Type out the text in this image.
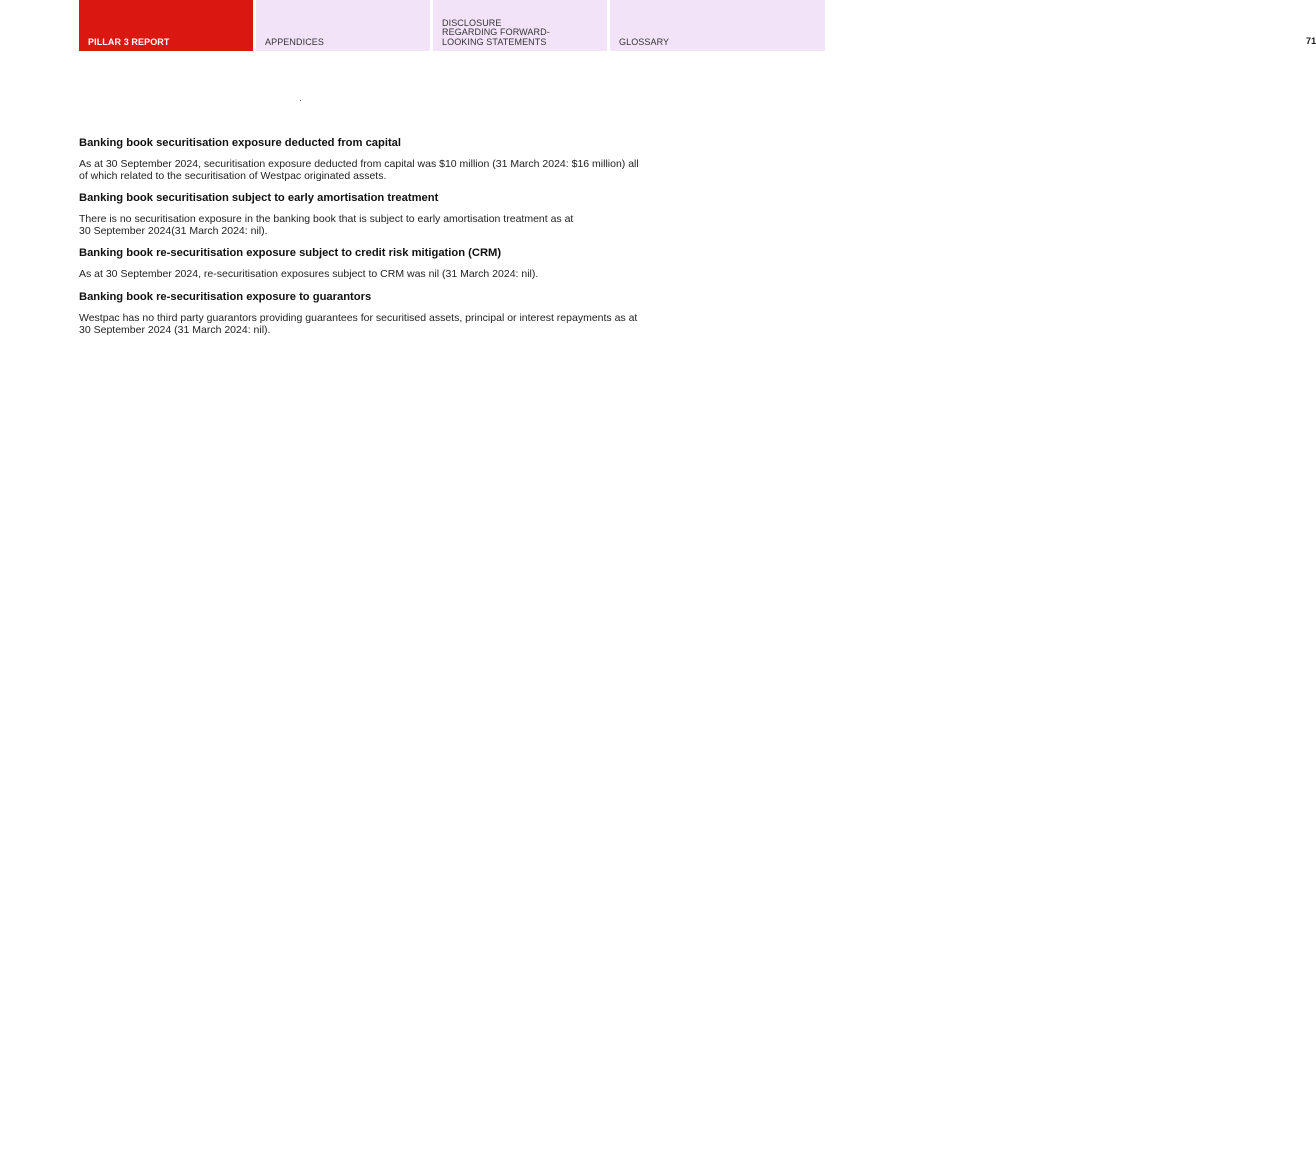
PILLAR 3 REPORT	APPENDICES
DISCLOSURE
REGARDING FORWARD-
LOOKING STATEMENTS	GLOSSARY	71
Banking book securitisation exposure deducted from capital

As at 30 September 2024, securitisation exposure deducted from capital was $10 million (31 March 2024: $16 million) all
of which related to the securitisation of Westpac originated assets.

Banking book securitisation subject to early amortisation treatment

There is no securitisation exposure in the banking book that is subject to early amortisation treatment as at
30 September 2024(31 March 2024: nil).

Banking book re-securitisation exposure subject to credit risk mitigation (CRM)

As at 30 September 2024, re-securitisation exposures subject to CRM was nil (31 March 2024: nil).

Banking book re-securitisation exposure to guarantors

Westpac has no third party guarantors providing guarantees for securitised assets, principal or interest repayments as at
30 September 2024 (31 March 2024: nil).
